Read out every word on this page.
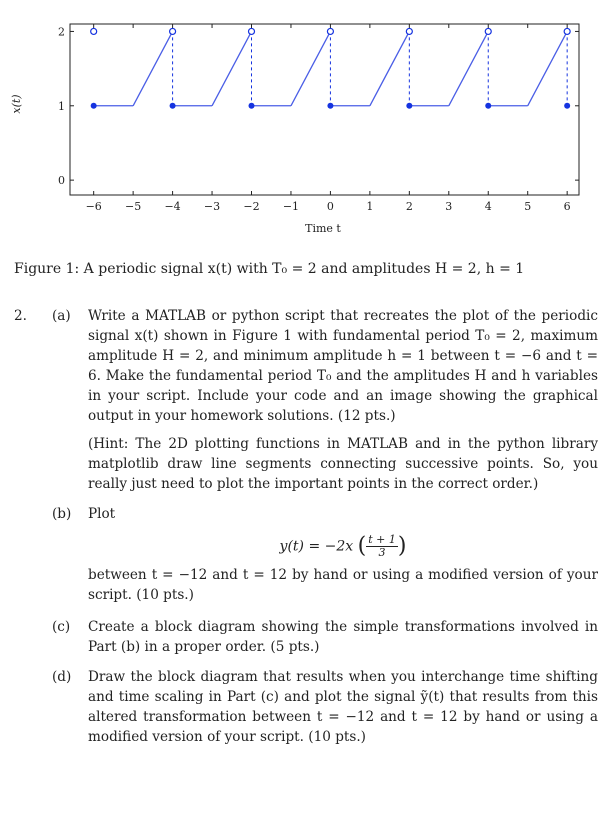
−6 −5 −4 −3 −2 −1	0	1	2	3	4	5	6
0
1
2
Time t
x(t)
Figure 1: A periodic signal x(t) with T₀ = 2 and amplitudes H = 2, h = 1
2. (a) Write a MATLAB or python script that recreates the plot of the periodic signal x(t) shown in Figure 1 with fundamental period T₀ = 2, maximum amplitude H = 2, and minimum amplitude h = 1 between t = −6 and t = 6. Make the fundamental period T₀ and the amplitudes H and h variables in your script. Include your code and an image showing the graphical output in your homework solutions. (12 pts.)
(Hint: The 2D plotting functions in MATLAB and in the python library matplotlib draw line segments connecting successive points. So, you really just need to plot the important points in the correct order.)
(b) Plot
y(t) = −2x ( $\frac{t + 1}{3}$ )
between t = −12 and t = 12 by hand or using a modified version of your script. (10 pts.)
(c) Create a block diagram showing the simple transformations involved in Part (b) in a proper order. (5 pts.)
(d) Draw the block diagram that results when you interchange time shifting and time scaling in Part (c) and plot the signal ỹ(t) that results from this altered transformation between t = −12 and t = 12 by hand or using a modified version of your script. (10 pts.)
